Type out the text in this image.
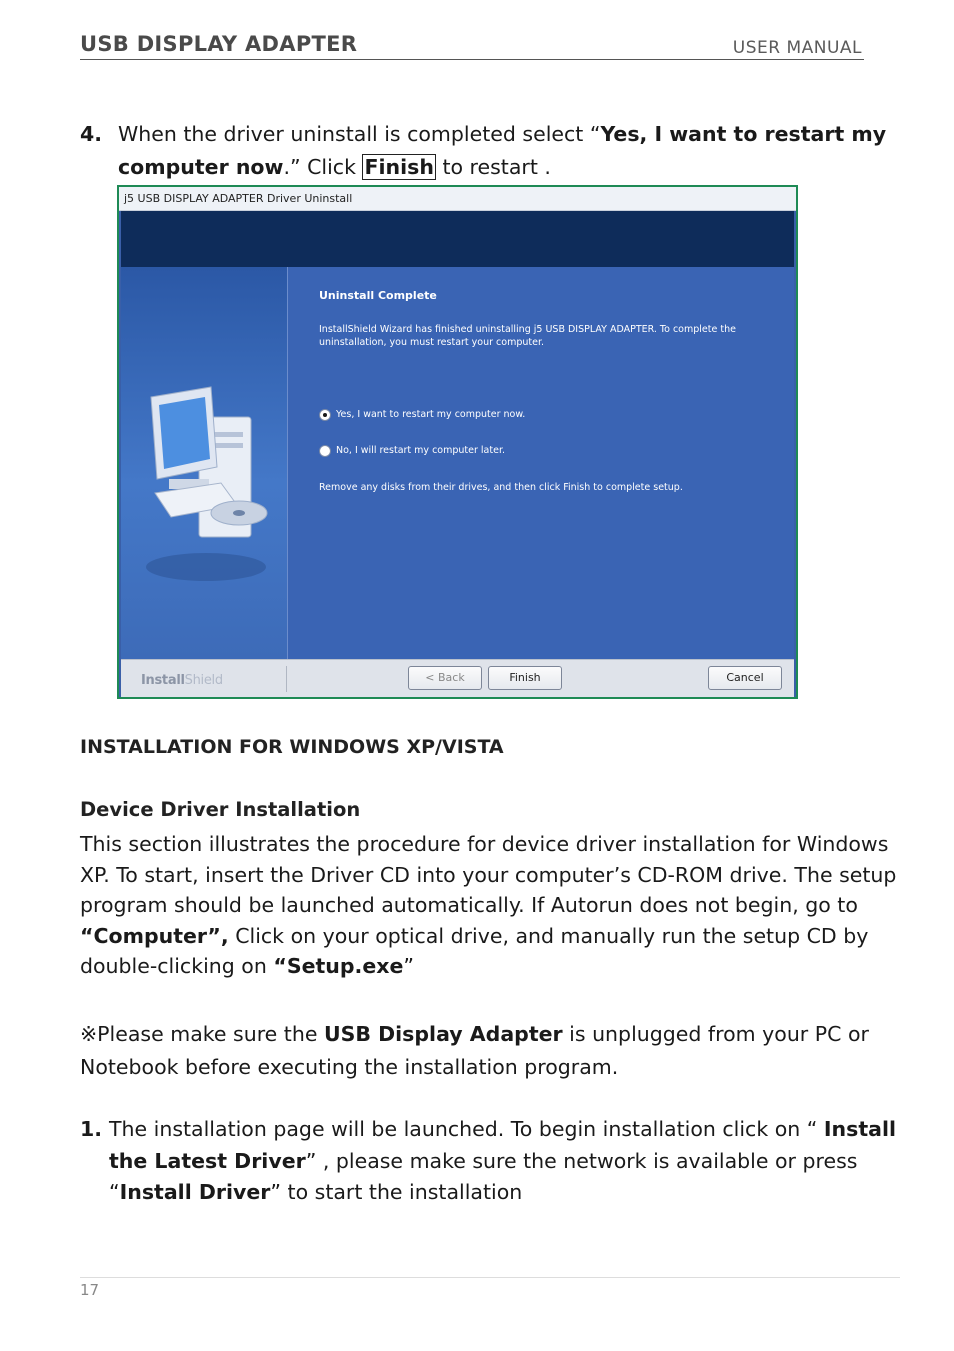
USB DISPLAY ADAPTER	USER MANUAL
4. When the driver uninstall is completed select “Yes, I want to restart my computer now.” Click Finish to restart .
j5 USB DISPLAY ADAPTER Driver Uninstall
Uninstall Complete
InstallShield Wizard has finished uninstalling j5 USB DISPLAY ADAPTER. To complete the uninstallation, you must restart your computer.
Yes, I want to restart my computer now.
No, I will restart my computer later.
Remove any disks from their drives, and then click Finish to complete setup.
InstallShield	< Back	Finish	Cancel
INSTALLATION FOR WINDOWS XP/VISTA
Device Driver Installation
This section illustrates the procedure for device driver installation for Windows XP. To start, insert the Driver CD into your computer’s CD-ROM drive. The setup program should be launched automatically. If Autorun does not begin, go to “Computer”, Click on your optical drive, and manually run the setup CD by double-clicking on “Setup.exe”
※Please make sure the USB Display Adapter is unplugged from your PC or Notebook before executing the installation program.
1. The installation page will be launched. To begin installation click on “ Install the Latest Driver” , please make sure the network is available or press “Install Driver” to start the installation
17
